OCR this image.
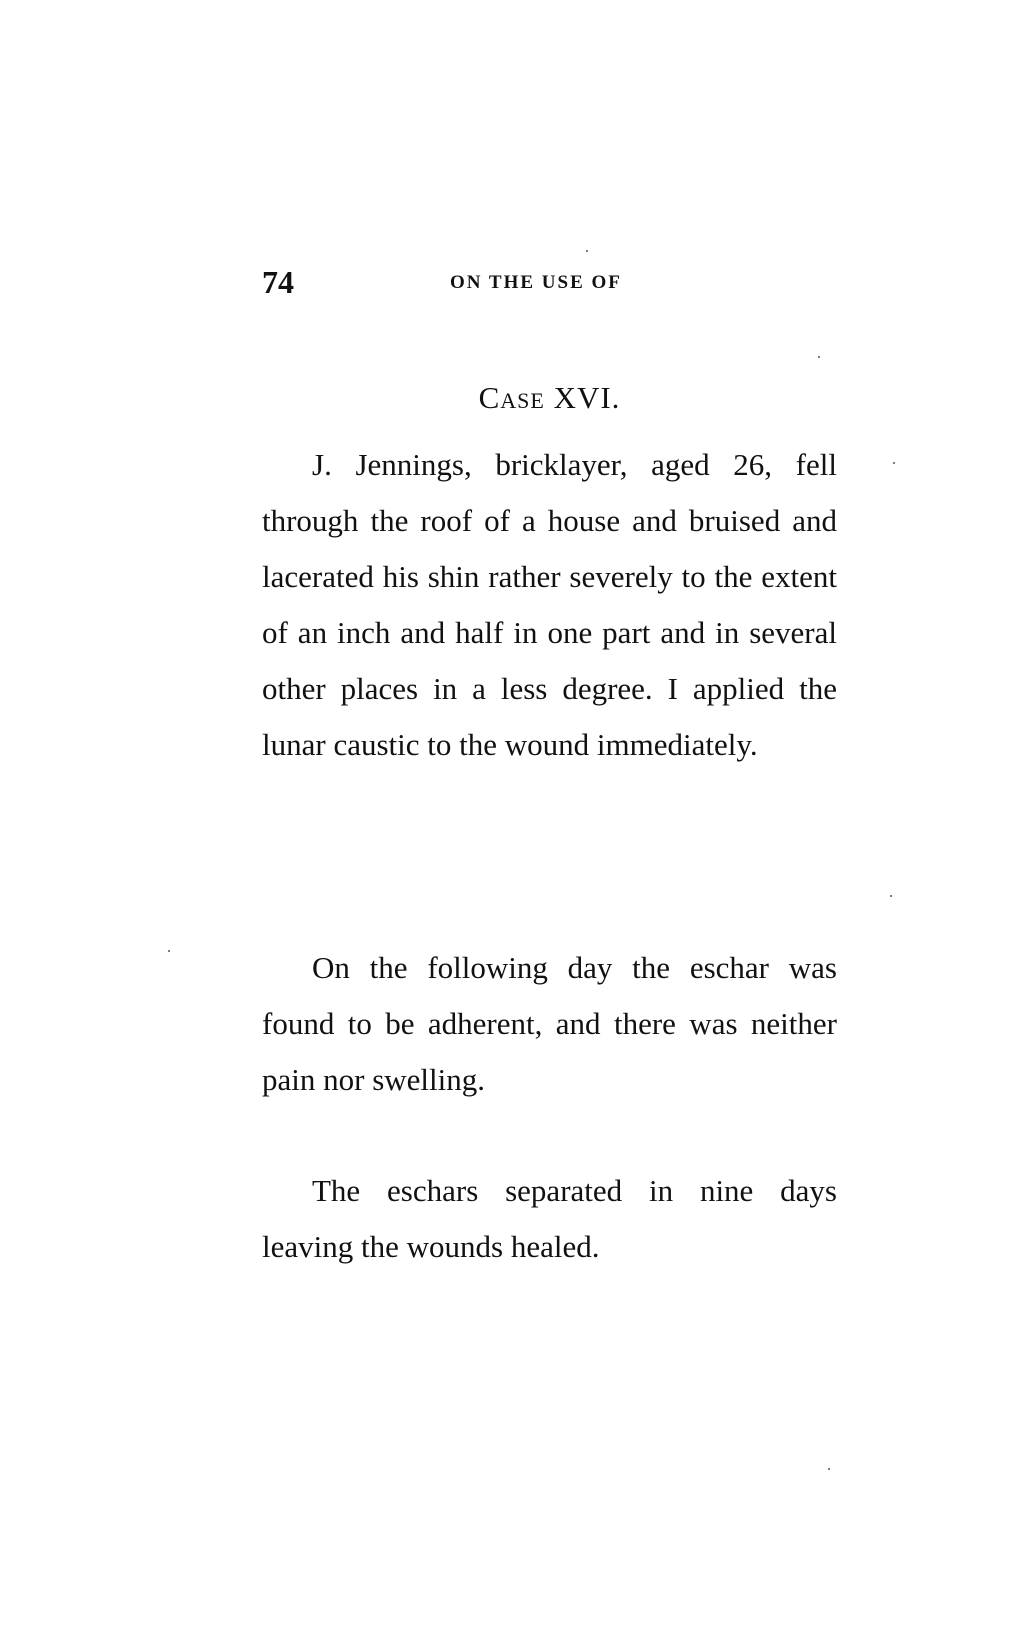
74	ON THE USE OF
Case XVI.

J. Jennings, bricklayer, aged 26, fell through the roof of a house and bruised and lacerated his shin rather severely to the extent of an inch and half in one part and in several other places in a less degree. I applied the lunar caustic to the wound immediately.

On the following day the eschar was found to be adherent, and there was neither pain nor swelling.

The eschars separated in nine days leaving the wounds healed.
